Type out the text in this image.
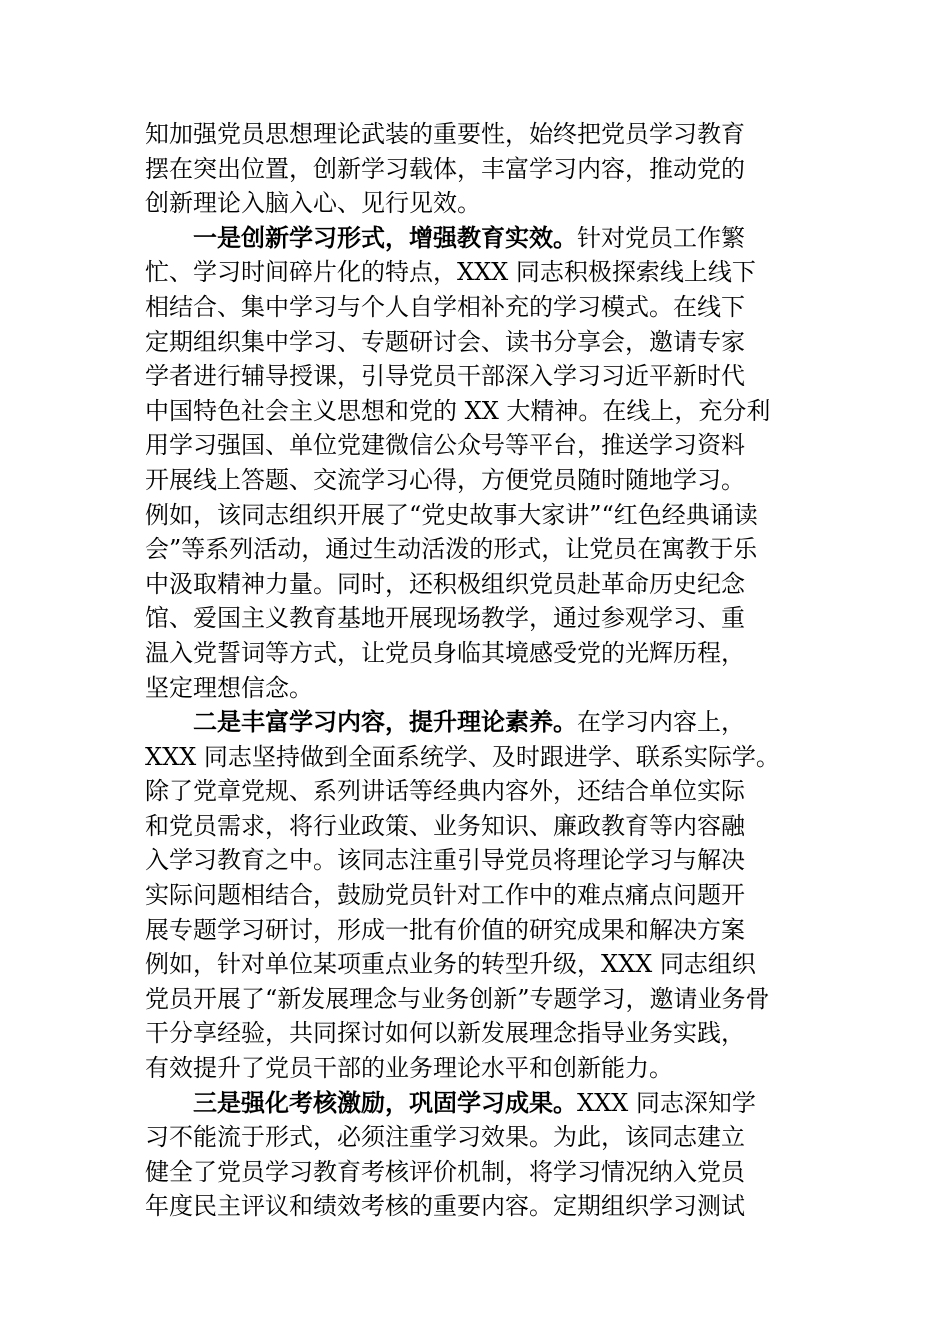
知加强党员思想理论武装的重要性，始终把党员学习教育
摆在突出位置，创新学习载体，丰富学习内容，推动党的
创新理论入脑入心、见行见效。

一是创新学习形式，增强教育实效。针对党员工作繁
忙、学习时间碎片化的特点，XXX 同志积极探索线上线下
相结合、集中学习与个人自学相补充的学习模式。在线下
定期组织集中学习、专题研讨会、读书分享会，邀请专家
学者进行辅导授课，引导党员干部深入学习习近平新时代
中国特色社会主义思想和党的 XX 大精神。在线上，充分利
用学习强国、单位党建微信公众号等平台，推送学习资料
开展线上答题、交流学习心得，方便党员随时随地学习。
例如，该同志组织开展了“党史故事大家讲”“红色经典诵读
会”等系列活动，通过生动活泼的形式，让党员在寓教于乐
中汲取精神力量。同时，还积极组织党员赴革命历史纪念
馆、爱国主义教育基地开展现场教学，通过参观学习、重
温入党誓词等方式，让党员身临其境感受党的光辉历程，
坚定理想信念。

二是丰富学习内容，提升理论素养。在学习内容上，
XXX 同志坚持做到全面系统学、及时跟进学、联系实际学。
除了党章党规、系列讲话等经典内容外，还结合单位实际
和党员需求，将行业政策、业务知识、廉政教育等内容融
入学习教育之中。该同志注重引导党员将理论学习与解决
实际问题相结合，鼓励党员针对工作中的难点痛点问题开
展专题学习研讨，形成一批有价值的研究成果和解决方案
例如，针对单位某项重点业务的转型升级，XXX 同志组织
党员开展了“新发展理念与业务创新”专题学习，邀请业务骨
干分享经验，共同探讨如何以新发展理念指导业务实践，
有效提升了党员干部的业务理论水平和创新能力。

三是强化考核激励，巩固学习成果。XXX 同志深知学
习不能流于形式，必须注重学习效果。为此，该同志建立
健全了党员学习教育考核评价机制，将学习情况纳入党员
年度民主评议和绩效考核的重要内容。定期组织学习测试
